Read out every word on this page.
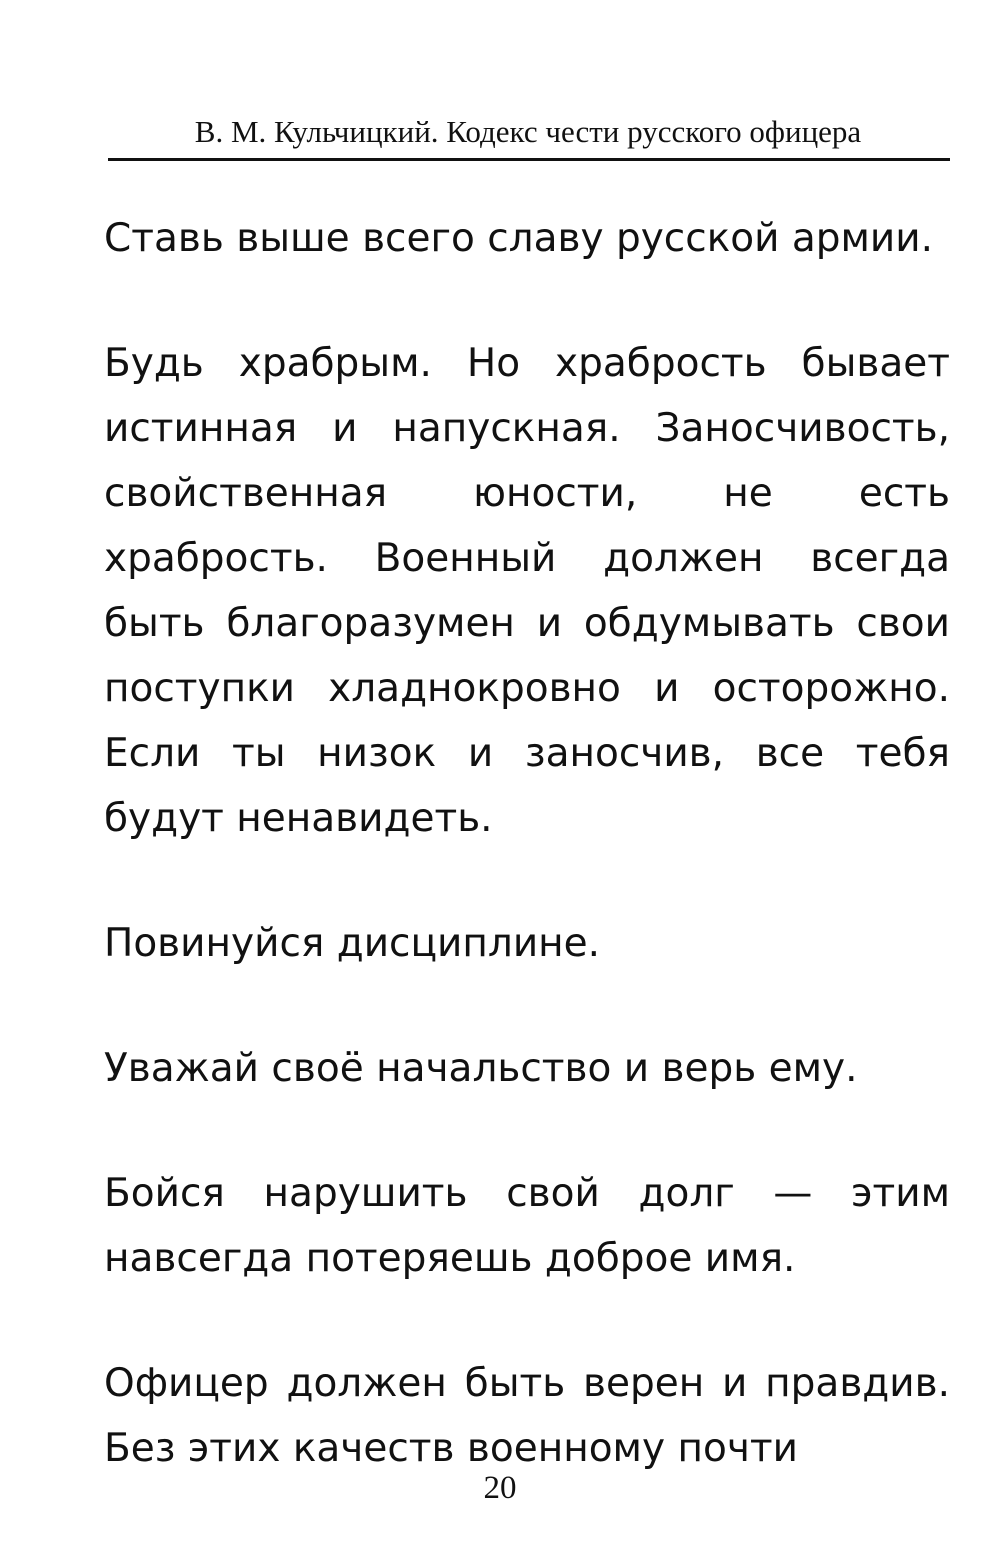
В. М. Кульчицкий. Кодекс чести русского офицера

Ставь выше всего славу русской армии.

Будь храбрым. Но храбрость бывает истинная и напускная. Заносчивость, свойственная юности, не есть храбрость. Военный должен всегда быть благоразумен и обдумывать свои поступки хладнокровно и осторожно. Если ты низок и заносчив, все тебя будут ненавидеть.

Повинуйся дисциплине.

Уважай своё начальство и верь ему.

Бойся нарушить свой долг — этим навсегда потеряешь доброе имя.

Офицер должен быть верен и правдив. Без этих качеств военному почти

20
